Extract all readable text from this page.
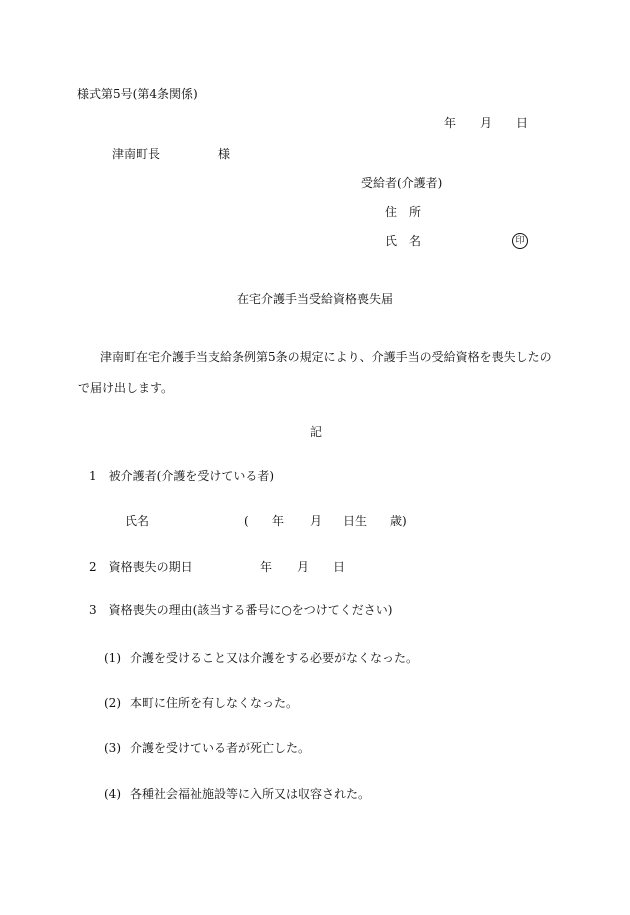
様式第5号(第4条関係)
年 月 日
津南町長	様
受給者(介護者)
住　所
氏　名	印
在宅介護手当受給資格喪失届
津南町在宅介護手当支給条例第5条の規定により、介護手当の受給資格を喪失したの
で届け出します。
記
1　被介護者(介護を受けている者)
氏名	( 年 月 日生 歳)
2　資格喪失の期日	年 月 日
3　資格喪失の理由(該当する番号に○をつけてください)
(1) 介護を受けること又は介護をする必要がなくなった。
(2) 本町に住所を有しなくなった。
(3) 介護を受けている者が死亡した。
(4) 各種社会福祉施設等に入所又は収容された。
